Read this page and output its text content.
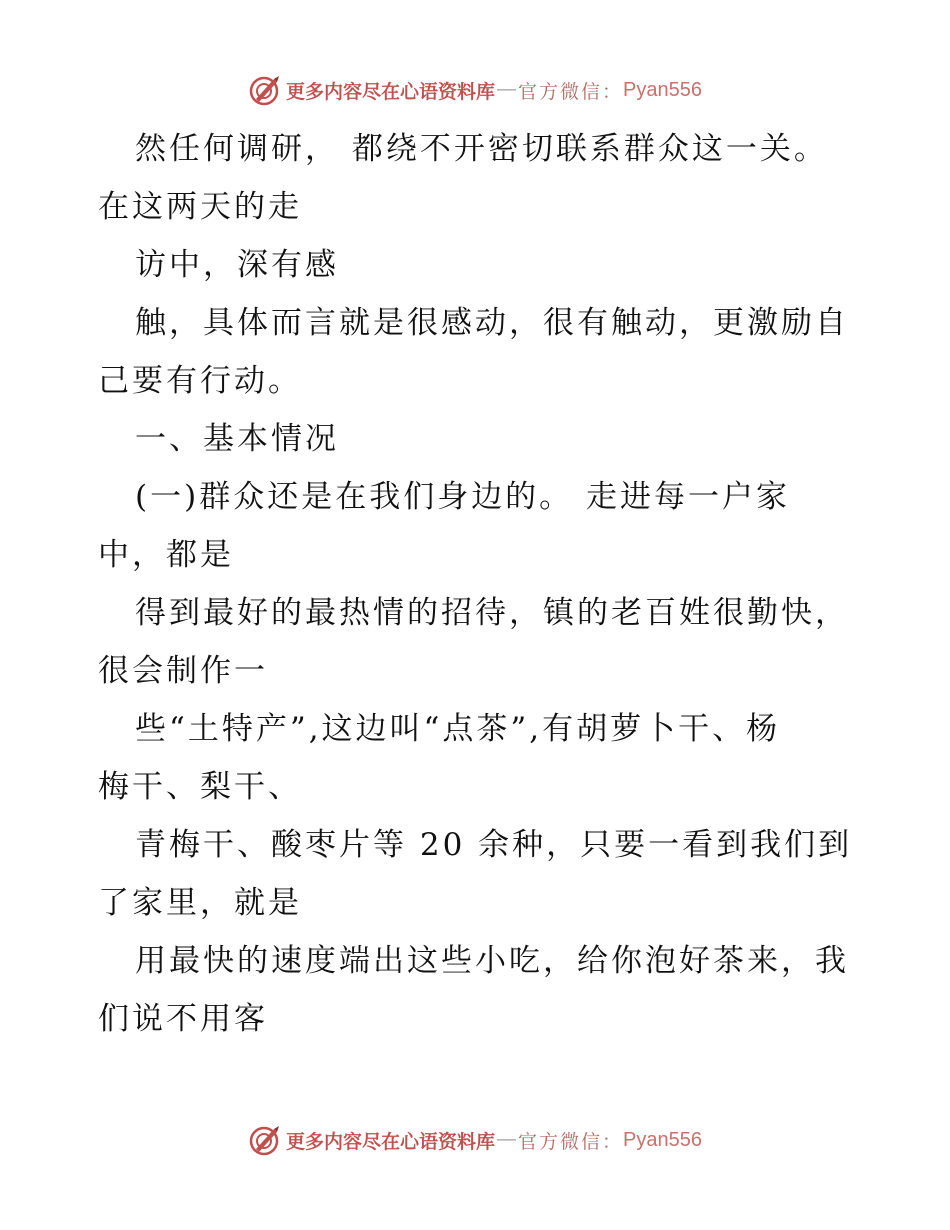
更多内容尽在心语资料库 — 官方微信： Pyan556
然任何调研， 都绕不开密切联系群众这一关。
在这两天的走
访中，深有感
触，具体而言就是很感动，很有触动，更激励自
己要有行动。
一、基本情况
(一)群众还是在我们身边的。 走进每一户家
中，都是
得到最好的最热情的招待，镇的老百姓很勤快，
很会制作一
些“土特产”,这边叫“点茶”,有胡萝卜干、杨
梅干、梨干、
青梅干、酸枣片等 20 余种，只要一看到我们到
了家里，就是
用最快的速度端出这些小吃，给你泡好茶来，我
们说不用客
更多内容尽在心语资料库 — 官方微信： Pyan556
